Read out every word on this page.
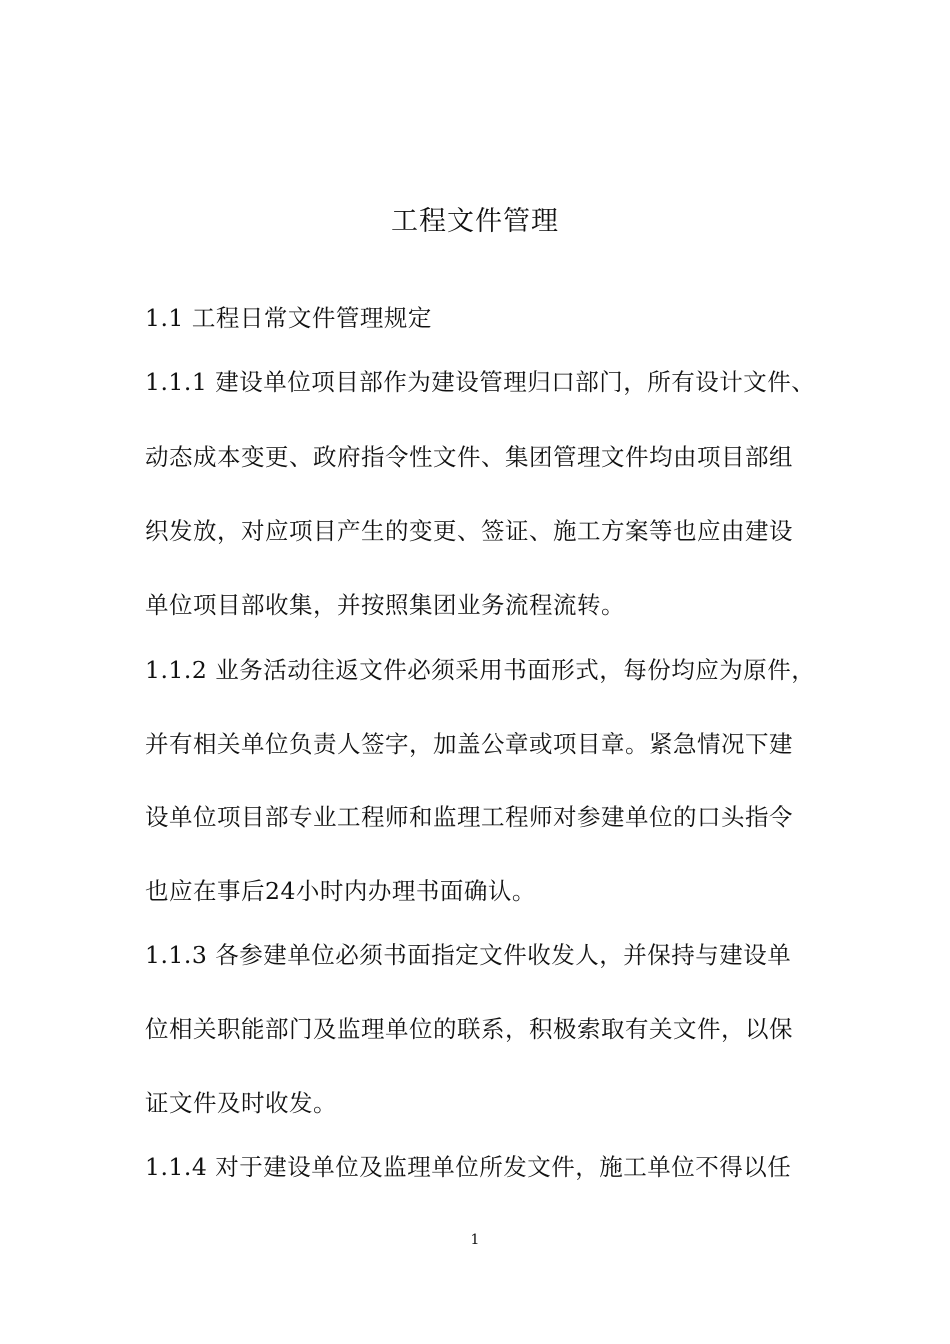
工程文件管理

1.1 工程日常文件管理规定

1.1.1 建设单位项目部作为建设管理归口部门，所有设计文件、

动态成本变更、政府指令性文件、集团管理文件均由项目部组

织发放，对应项目产生的变更、签证、施工方案等也应由建设

单位项目部收集，并按照集团业务流程流转。

1.1.2 业务活动往返文件必须采用书面形式，每份均应为原件，

并有相关单位负责人签字，加盖公章或项目章。紧急情况下建

设单位项目部专业工程师和监理工程师对参建单位的口头指令

也应在事后24小时内办理书面确认。

1.1.3 各参建单位必须书面指定文件收发人，并保持与建设单

位相关职能部门及监理单位的联系，积极索取有关文件，以保

证文件及时收发。

1.1.4 对于建设单位及监理单位所发文件，施工单位不得以任

1
